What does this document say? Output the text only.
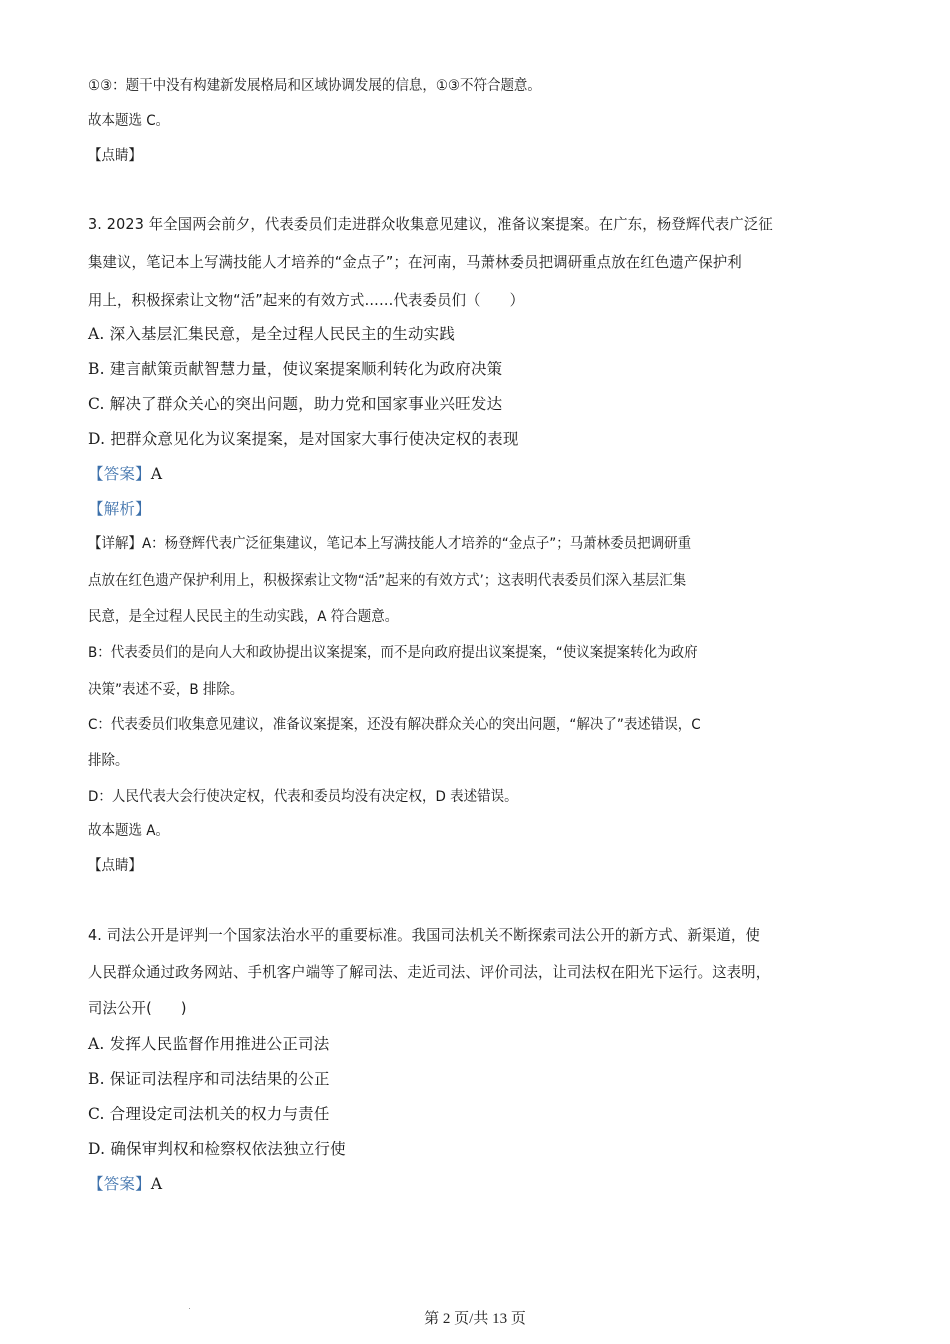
①③：题干中没有构建新发展格局和区域协调发展的信息，①③不符合题意。
故本题选 C。
【点睛】
3. 2023 年全国两会前夕，代表委员们走进群众收集意见建议，准备议案提案。在广东，杨登辉代表广泛征
集建议，笔记本上写满技能人才培养的“金点子”；在河南，马萧林委员把调研重点放在红色遗产保护利
用上，积极探索让文物“活”起来的有效方式……代表委员们（　　）
A. 深入基层汇集民意，是全过程人民民主的生动实践
B. 建言献策贡献智慧力量，使议案提案顺利转化为政府决策
C. 解决了群众关心的突出问题，助力党和国家事业兴旺发达
D. 把群众意见化为议案提案，是对国家大事行使决定权的表现
【答案】A
【解析】
【详解】A：杨登辉代表广泛征集建议，笔记本上写满技能人才培养的“金点子”；马萧林委员把调研重
点放在红色遗产保护利用上，积极探索让文物“活”起来的有效方式’；这表明代表委员们深入基层汇集
民意，是全过程人民民主的生动实践，A 符合题意。
B：代表委员们的是向人大和政协提出议案提案，而不是向政府提出议案提案，“使议案提案转化为政府
决策”表述不妥，B 排除。
C：代表委员们收集意见建议，准备议案提案，还没有解决群众关心的突出问题，“解决了”表述错误，C
排除。
D：人民代表大会行使决定权，代表和委员均没有决定权，D 表述错误。
故本题选 A。
【点睛】
4. 司法公开是评判一个国家法治水平的重要标准。我国司法机关不断探索司法公开的新方式、新渠道，使
人民群众通过政务网站、手机客户端等了解司法、走近司法、评价司法，让司法权在阳光下运行。这表明，
司法公开(　　)
A. 发挥人民监督作用推进公正司法
B. 保证司法程序和司法结果的公正
C. 合理设定司法机关的权力与责任
D. 确保审判权和检察权依法独立行使
【答案】A
第 2 页/共 13 页
